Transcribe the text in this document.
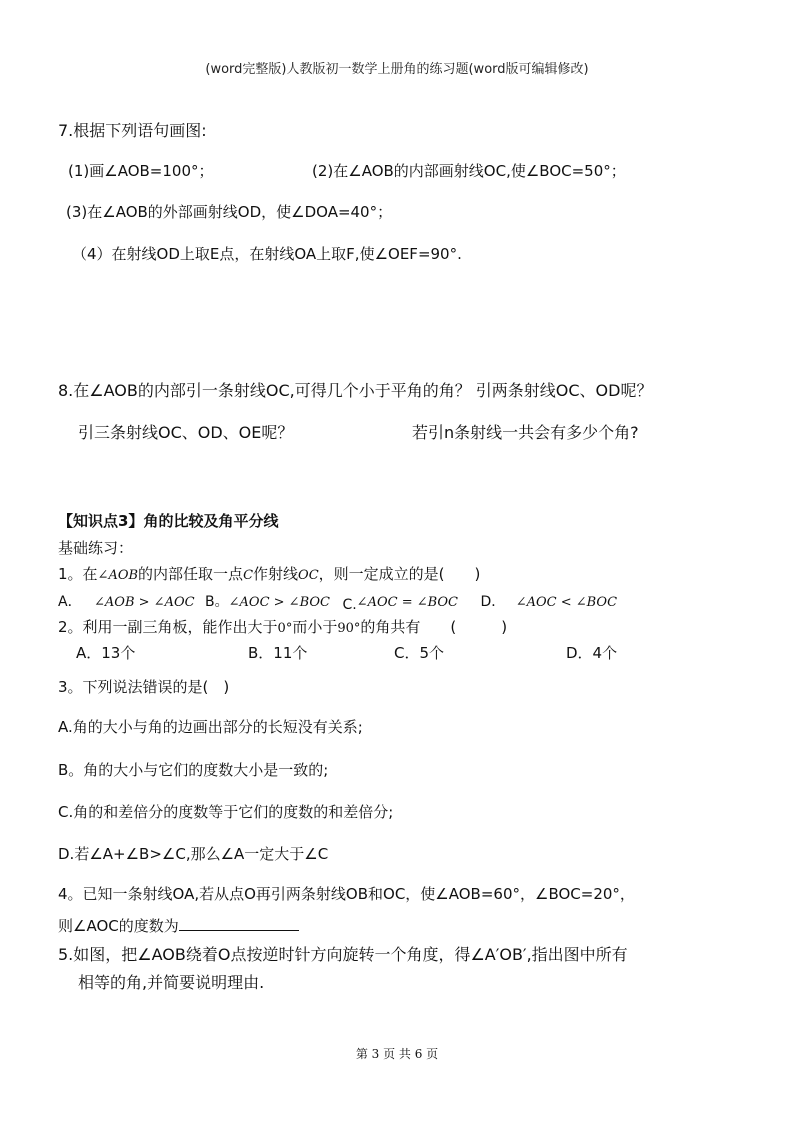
(word完整版)人教版初一数学上册角的练习题(word版可编辑修改)
7.根据下列语句画图:
(1)画∠AOB=100°；	(2)在∠AOB的内部画射线OC,使∠BOC=50°；
(3)在∠AOB的外部画射线OD，使∠DOA=40°；
（4）在射线OD上取E点，在射线OA上取F,使∠OEF=90°.
8.在∠AOB的内部引一条射线OC,可得几个小于平角的角？ 引两条射线OC、OD呢？
引三条射线OC、OD、OE呢？	若引n条射线一共会有多少个角?
【知识点3】角的比较及角平分线
基础练习：
1。在∠AOB的内部任取一点C作射线OC，则一定成立的是(　　)
A． ∠AOB > ∠AOC B。∠AOC > ∠BOC C.∠AOC = ∠BOC D． ∠AOC < ∠BOC
2。利用一副三角板，能作出大于0°而小于90°的角共有　　(　　　)
A．13个	B．11个	C．5个	D．4个
3。下列说法错误的是(　)
A.角的大小与角的边画出部分的长短没有关系;
B。角的大小与它们的度数大小是一致的;
C.角的和差倍分的度数等于它们的度数的和差倍分;
D.若∠A+∠B>∠C,那么∠A一定大于∠C
4。已知一条射线OA,若从点O再引两条射线OB和OC，使∠AOB=60°，∠BOC=20°，
则∠AOC的度数为
5.如图，把∠AOB绕着O点按逆时针方向旋转一个角度，得∠A′OB′,指出图中所有
相等的角,并简要说明理由.
第 3 页 共 6 页
